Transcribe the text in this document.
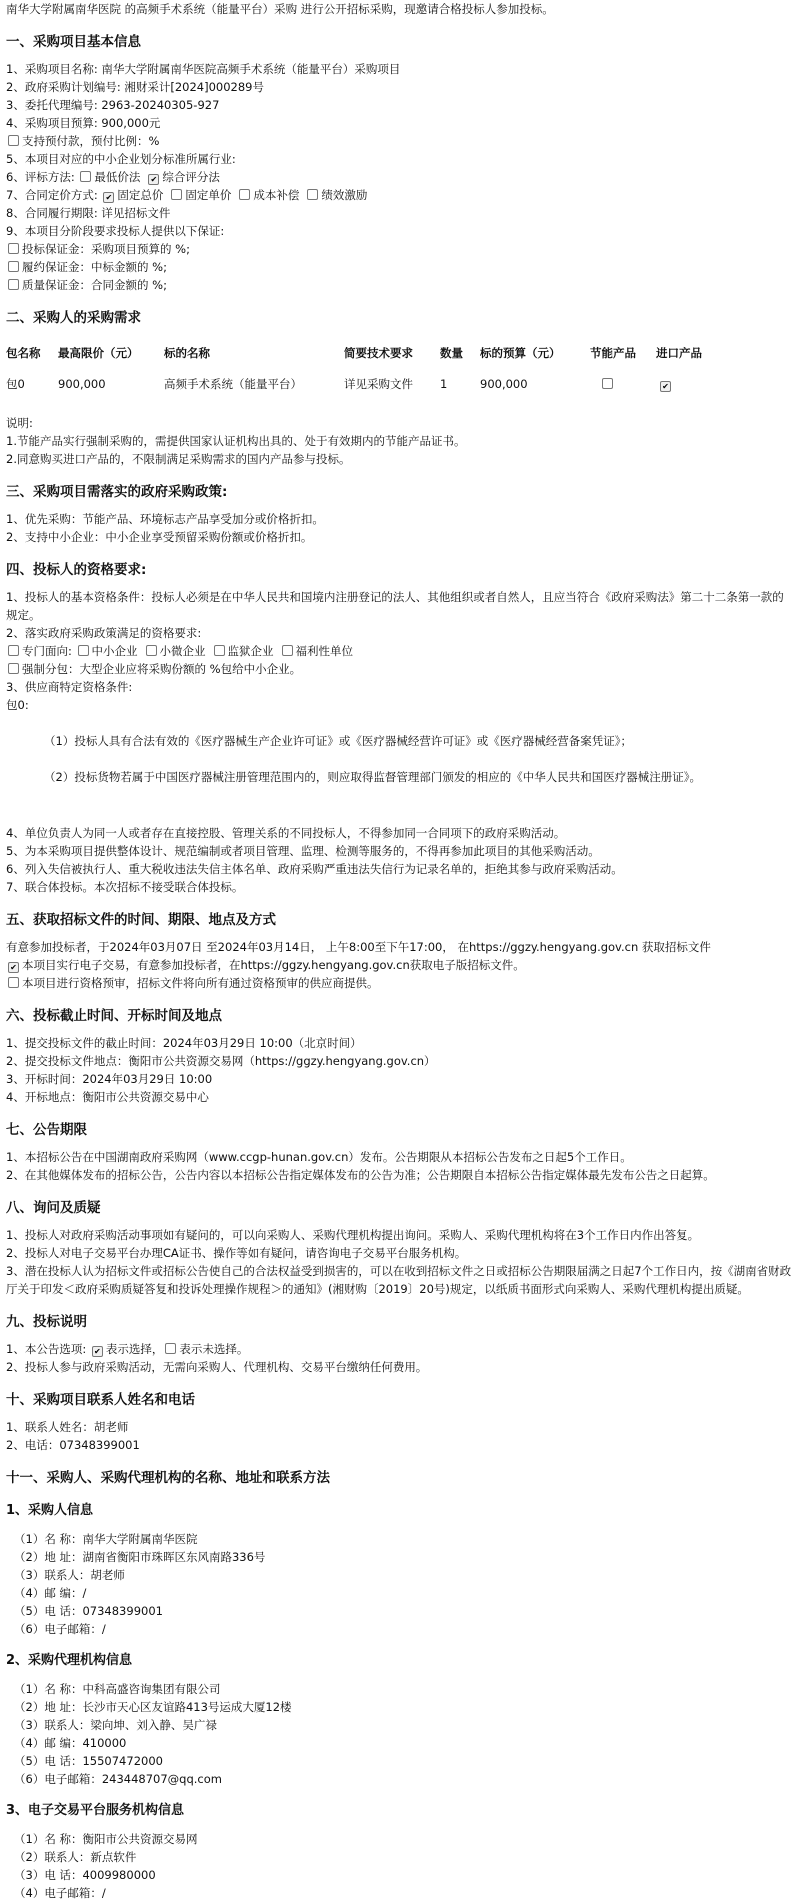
南华大学附属南华医院 的高频手术系统（能量平台）采购 进行公开招标采购，现邀请合格投标人参加投标。

一、采购项目基本信息

1、采购项目名称: 南华大学附属南华医院高频手术系统（能量平台）采购项目

2、政府采购计划编号: 湘财采计[2024]000289号

3、委托代理编号: 2963-20240305-927

4、采购项目预算: 900,000元

支持预付款，预付比例：%

5、本项目对应的中小企业划分标准所属行业:

6、评标方法: 最低价法 ✔ 综合评分法

7、合同定价方式: ✔ 固定总价 固定单价 成本补偿 绩效激励

8、合同履行期限: 详见招标文件

9、本项目分阶段要求投标人提供以下保证:

投标保证金：采购项目预算的 %;

履约保证金：中标金额的 %;

质量保证金：合同金额的 %;

二、采购人的采购需求
包名称	最高限价（元）	标的名称	简要技术要求	数量	标的预算（元）	节能产品	进口产品
包0	900,000	高频手术系统（能量平台）	详见采购文件	1	900,000		✔

说明:

1.节能产品实行强制采购的，需提供国家认证机构出具的、处于有效期内的节能产品证书。

2.同意购买进口产品的，不限制满足采购需求的国内产品参与投标。

三、采购项目需落实的政府采购政策:

1、优先采购：节能产品、环境标志产品享受加分或价格折扣。

2、支持中小企业：中小企业享受预留采购份额或价格折扣。

四、投标人的资格要求:

1、投标人的基本资格条件：投标人必须是在中华人民共和国境内注册登记的法人、其他组织或者自然人，且应当符合《政府采购法》第二十二条第一款的规定。

2、落实政府采购政策满足的资格要求:

专门面向: 中小企业 小微企业 监狱企业 福利性单位

强制分包：大型企业应将采购份额的 %包给中小企业。

3、供应商特定资格条件:

包0:

（1）投标人具有合法有效的《医疗器械生产企业许可证》或《医疗器械经营许可证》或《医疗器械经营备案凭证》；

（2）投标货物若属于中国医疗器械注册管理范围内的，则应取得监督管理部门颁发的相应的《中华人民共和国医疗器械注册证》。

4、单位负责人为同一人或者存在直接控股、管理关系的不同投标人，不得参加同一合同项下的政府采购活动。

5、为本采购项目提供整体设计、规范编制或者项目管理、监理、检测等服务的，不得再参加此项目的其他采购活动。

6、列入失信被执行人、重大税收违法失信主体名单、政府采购严重违法失信行为记录名单的，拒绝其参与政府采购活动。

7、联合体投标。本次招标不接受联合体投标。

五、获取招标文件的时间、期限、地点及方式

有意参加投标者，于2024年03月07日 至2024年03月14日， 上午8:00至下午17:00， 在https://ggzy.hengyang.gov.cn 获取招标文件

✔本项目实行电子交易，有意参加投标者，在https://ggzy.hengyang.gov.cn获取电子版招标文件。

本项目进行资格预审，招标文件将向所有通过资格预审的供应商提供。

六、投标截止时间、开标时间及地点

1、提交投标文件的截止时间：2024年03月29日 10:00（北京时间）

2、提交投标文件地点：衡阳市公共资源交易网（https://ggzy.hengyang.gov.cn）

3、开标时间：2024年03月29日 10:00

4、开标地点：衡阳市公共资源交易中心

七、公告期限

1、本招标公告在中国湖南政府采购网（www.ccgp-hunan.gov.cn）发布。公告期限从本招标公告发布之日起5个工作日。

2、在其他媒体发布的招标公告，公告内容以本招标公告指定媒体发布的公告为准；公告期限自本招标公告指定媒体最先发布公告之日起算。

八、询问及质疑

1、投标人对政府采购活动事项如有疑问的，可以向采购人、采购代理机构提出询问。采购人、采购代理机构将在3个工作日内作出答复。

2、投标人对电子交易平台办理CA证书、操作等如有疑问，请咨询电子交易平台服务机构。

3、潜在投标人认为招标文件或招标公告使自己的合法权益受到损害的，可以在收到招标文件之日或招标公告期限届满之日起7个工作日内，按《湖南省财政厅关于印发＜政府采购质疑答复和投诉处理操作规程＞的通知》(湘财购〔2019〕20号)规定，以纸质书面形式向采购人、采购代理机构提出质疑。

九、投标说明

1、本公告选项: ✔ 表示选择， 表示未选择。

2、投标人参与政府采购活动，无需向采购人、代理机构、交易平台缴纳任何费用。

十、采购项目联系人姓名和电话

1、联系人姓名：胡老师

2、电话：07348399001

十一、采购人、采购代理机构的名称、地址和联系方法
1、采购人信息

（1）名 称：南华大学附属南华医院

（2）地 址：湖南省衡阳市珠晖区东风南路336号

（3）联系人：胡老师

（4）邮 编：/

（5）电 话：07348399001

（6）电子邮箱：/

2、采购代理机构信息

（1）名 称：中科高盛咨询集团有限公司

（2）地 址：长沙市天心区友谊路413号运成大厦12楼

（3）联系人：梁向坤、刘入静、吴广禄

（4）邮 编：410000

（5）电 话：15507472000

（6）电子邮箱：243448707@qq.com

3、电子交易平台服务机构信息

（1）名 称：衡阳市公共资源交易网

（2）联系人：新点软件

（3）电 话：4009980000

（4）电子邮箱：/
